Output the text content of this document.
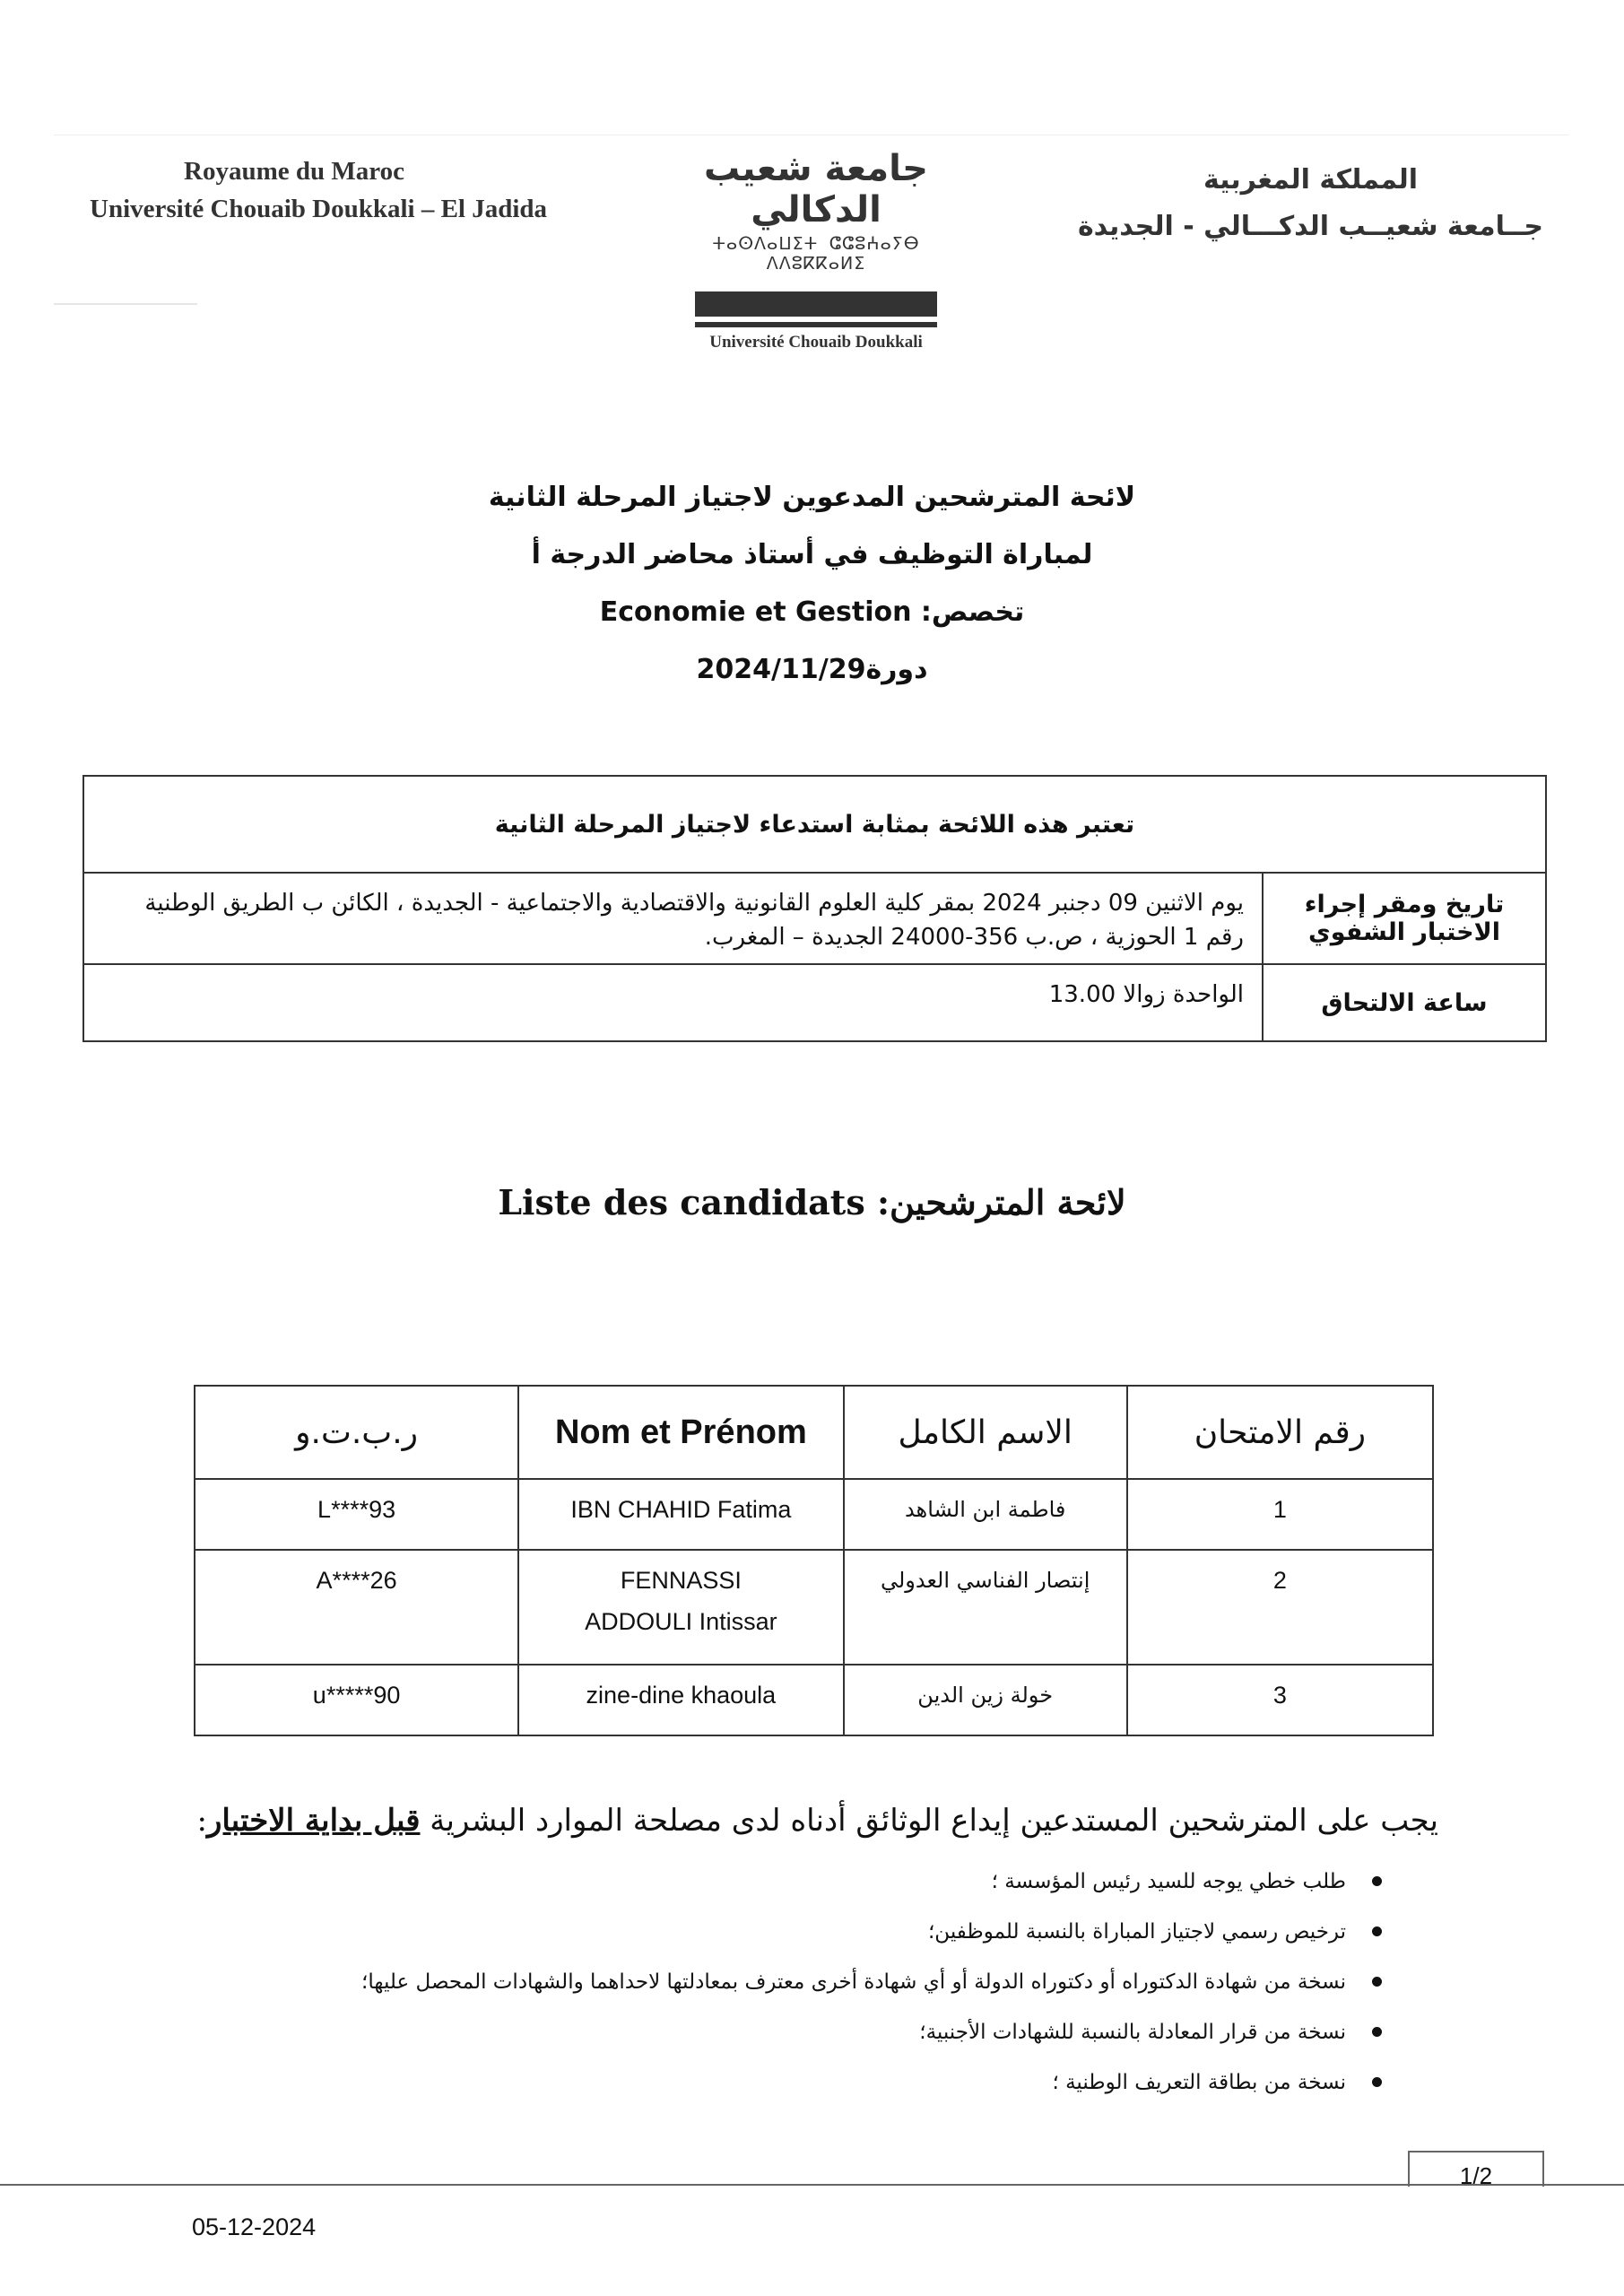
Royaume du Maroc
Université Chouaib Doukkali – El Jadida
جامعة شعيب الدكالي
ⵜⴰⵙⴷⴰⵡⵉⵜ ⵛⵛⵓⵄⴰⵢⴱ ⴷⴷⵓⴽⴽⴰⵍⵉ
Université Chouaib Doukkali
المملكة المغربية
جــامعة شعيــب الدكـــالي - الجديدة
لائحة المترشحين المدعوين لاجتياز المرحلة الثانية
لمباراة التوظيف في أستاذ محاضر الدرجة أ
تخصص: Economie et Gestion
دورة2024/11/29
تعتبر هذه اللائحة بمثابة استدعاء لاجتياز المرحلة الثانية	
تاريخ ومقر إجراء الاختبار الشفوي	يوم الاثنين 09 دجنبر 2024 بمقر كلية العلوم القانونية والاقتصادية والاجتماعية - الجديدة ، الكائن ب الطريق الوطنية رقم 1 الحوزية ، ص.ب 356-24000 الجديدة – المغرب.
ساعة الالتحاق	الواحدة زوالا 13.00
لائحة المترشحين: Liste des candidats
رقم الامتحان	الاسم الكامل	Nom et Prénom	ر.ب.ت.و
1	فاطمة ابن الشاهد	IBN CHAHID Fatima	L****93
2	إنتصار الفناسي العدولي	FENNASSI ADDOULI Intissar	A****26
3	خولة زين الدين	zine-dine khaoula	u*****90
يجب على المترشحين المستدعين إيداع الوثائق أدناه لدى مصلحة الموارد البشرية قبل بداية الاختبار:
طلب خطي يوجه للسيد رئيس المؤسسة ؛
ترخيص رسمي لاجتياز المباراة بالنسبة للموظفين؛
نسخة من شهادة الدكتوراه أو دكتوراه الدولة أو أي شهادة أخرى معترف بمعادلتها لاحداهما والشهادات المحصل عليها؛
نسخة من قرار المعادلة بالنسبة للشهادات الأجنبية؛
نسخة من بطاقة التعريف الوطنية ؛
1/2
05-12-2024
